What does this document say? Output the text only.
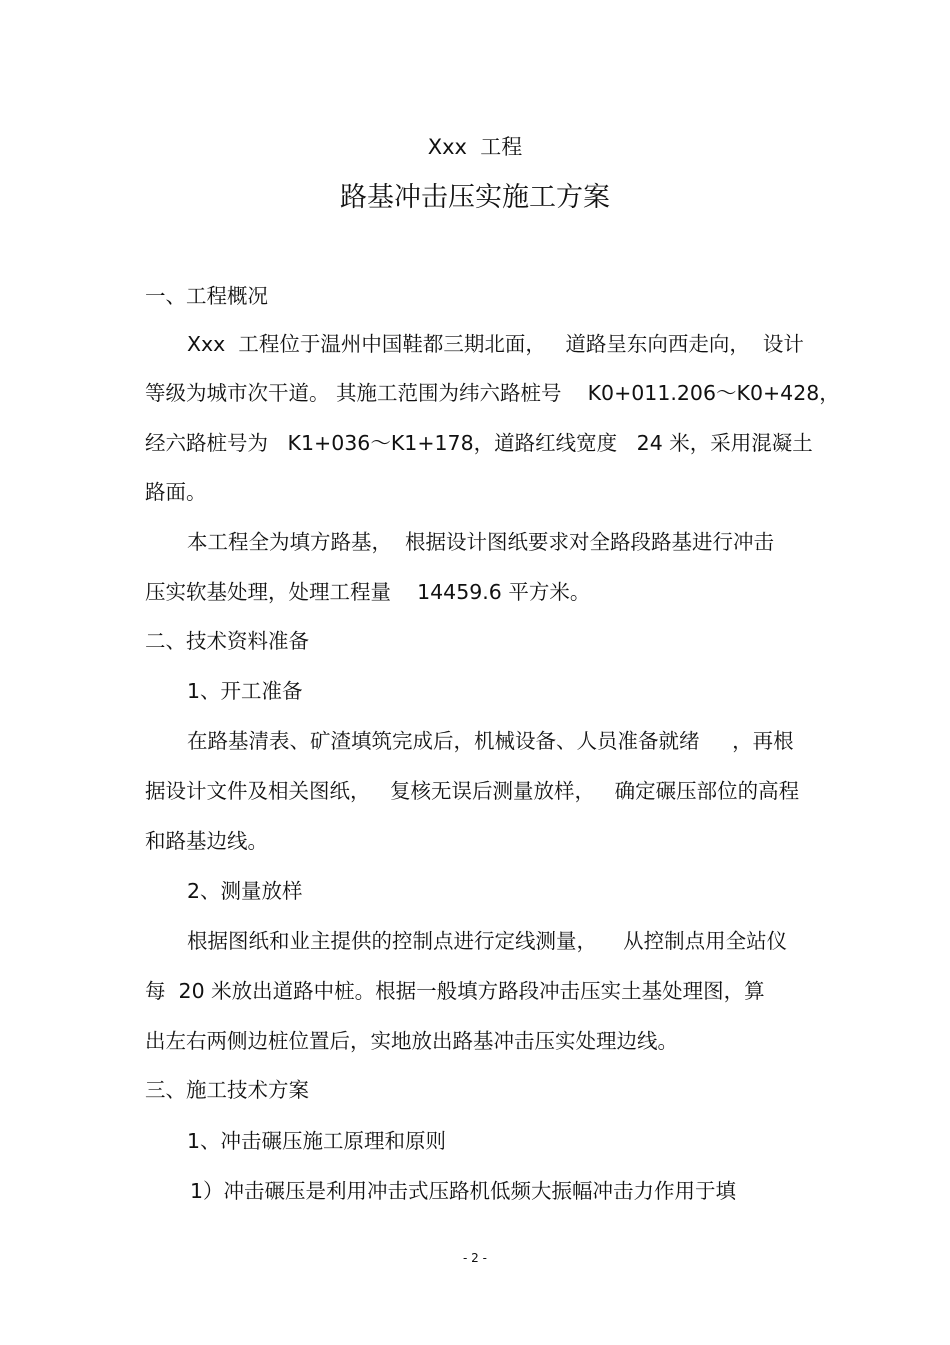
Xxx  工程
路基冲击压实施工方案
一、工程概况
Xxx  工程位于温州中国鞋都三期北面，   道路呈东向西走向，  设计
等级为城市次干道。 其施工范围为纬六路桩号    K0+011.206～K0+428，
经六路桩号为   K1+036～K1+178，道路红线宽度   24 米，采用混凝土
路面。
本工程全为填方路基，  根据设计图纸要求对全路段路基进行冲击
压实软基处理，处理工程量    14459.6 平方米。
二、技术资料准备
1、开工准备
在路基清表、矿渣填筑完成后，机械设备、人员准备就绪     ，再根
据设计文件及相关图纸，   复核无误后测量放样，   确定碾压部位的高程
和路基边线。
2、测量放样
根据图纸和业主提供的控制点进行定线测量，    从控制点用全站仪
每  20 米放出道路中桩。根据一般填方路段冲击压实土基处理图，算
出左右两侧边桩位置后，实地放出路基冲击压实处理边线。
三、施工技术方案
1、冲击碾压施工原理和原则
1）冲击碾压是利用冲击式压路机低频大振幅冲击力作用于填
- 2 -
